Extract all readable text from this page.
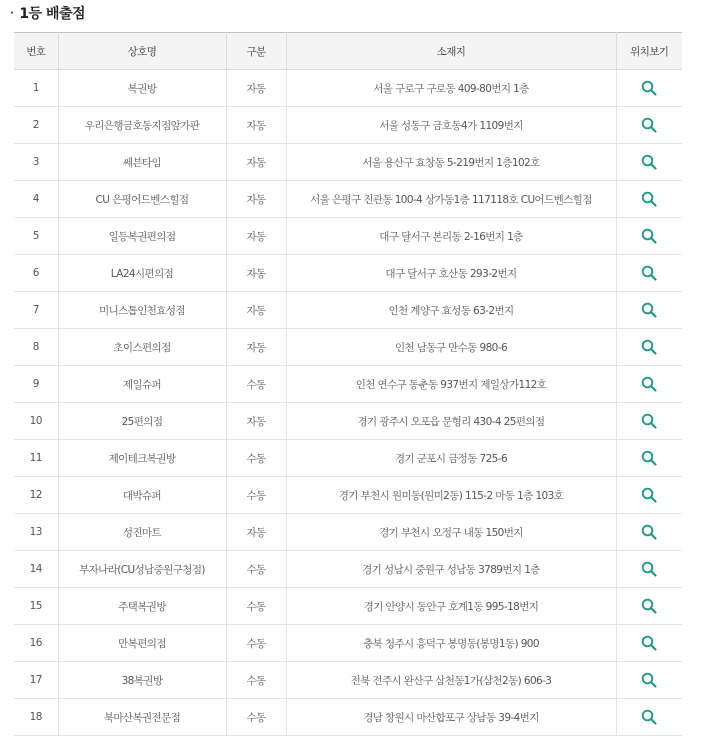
· 1등 배출점
번호	상호명	구분	소재지	위치보기
1	복권방	자동	서울 구로구 구로동 409-80번지 1층	

2	우리은행금호동지점앞가판	자동	서울 성동구 금호동4가 1109번지	

3	쎄븐타임	자동	서울 용산구 효창동 5-219번지 1층102호	

4	CU 은평어드벤스힐점	자동	서울 은평구 진관동 100-4 상가동1층 117118호 CU어드벤스힐점	

5	일등복권편의점	자동	대구 달서구 본리동 2-16번지 1층	

6	LA24시편의점	자동	대구 달서구 호산동 293-2번지	

7	미니스톱인천효성점	자동	인천 계양구 효성동 63-2번지	

8	초이스편의점	자동	인천 남동구 만수동 980-6	

9	제일슈퍼	수동	인천 연수구 동춘동 937번지 제일상가112호	

10	25편의점	자동	경기 광주시 오포읍 문형리 430-4 25편의점	

11	제이테크복권방	수동	경기 군포시 금정동 725-6	

12	대박슈퍼	수동	경기 부천시 원미동(원미2동) 115-2 마동 1층 103호	

13	성진마트	자동	경기 부천시 오정구 내동 150번지	

14	부자나라(CU성남중원구청점)	수동	경기 성남시 중원구 성남동 3789번지 1층	

15	주택복권방	수동	경기 안양시 동안구 호계1동 995-18번지	

16	만복편의점	수동	충북 청주시 흥덕구 봉명동(봉명1동) 900	

17	38복권방	수동	전북 전주시 완산구 삼천동1가(삼천2동) 606-3	

18	북마산복권전문점	수동	경남 창원시 마산합포구 상남동 39-4번지	
